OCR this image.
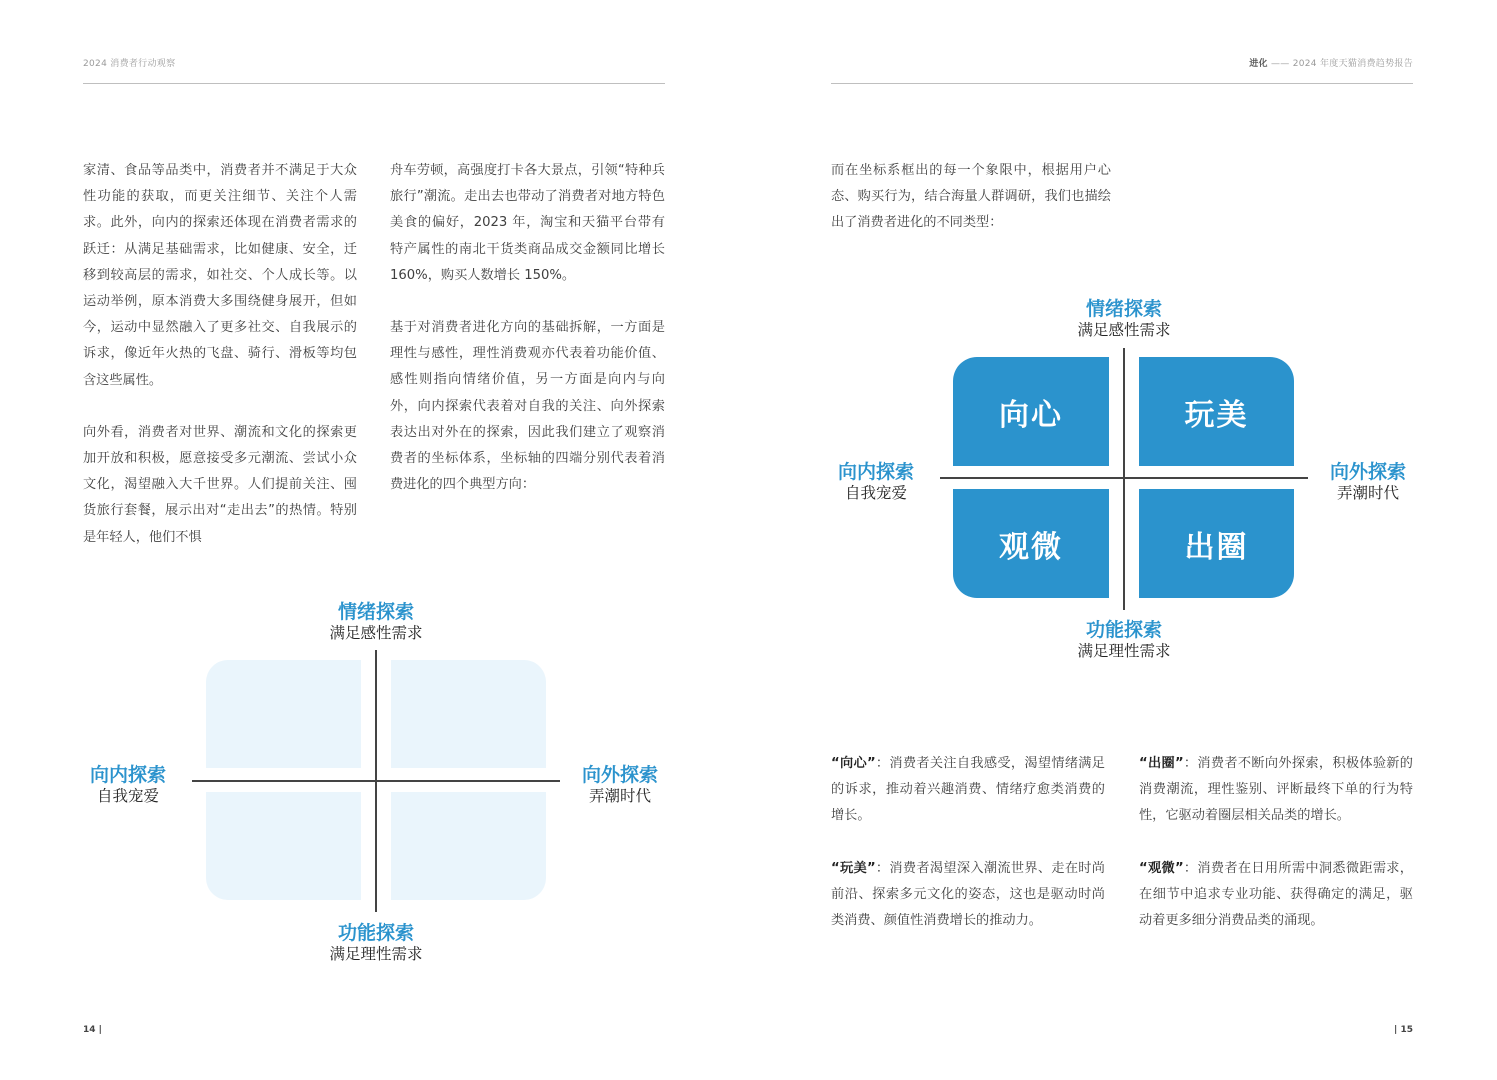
2024 消费者行动观察

家清、食品等品类中，消费者并不满足于大众性功能的获取，而更关注细节、关注个人需求。此外，向内的探索还体现在消费者需求的跃迁：从满足基础需求，比如健康、安全，迁移到较高层的需求，如社交、个人成长等。以运动举例，原本消费大多围绕健身展开，但如今，运动中显然融入了更多社交、自我展示的诉求，像近年火热的飞盘、骑行、滑板等均包含这些属性。

向外看，消费者对世界、潮流和文化的探索更加开放和积极，愿意接受多元潮流、尝试小众文化，渴望融入大千世界。人们提前关注、囤货旅行套餐，展示出对“走出去”的热情。特别是年轻人，他们不惧

舟车劳顿，高强度打卡各大景点，引领“特种兵旅行”潮流。走出去也带动了消费者对地方特色美食的偏好，2023 年，淘宝和天猫平台带有特产属性的南北干货类商品成交金额同比增长 160%，购买人数增长 150%。

基于对消费者进化方向的基础拆解，一方面是理性与感性，理性消费观亦代表着功能价值、感性则指向情绪价值，另一方面是向内与向外，向内探索代表着对自我的关注、向外探索表达出对外在的探索，因此我们建立了观察消费者的坐标体系，坐标轴的四端分别代表着消费进化的四个典型方向：

情绪探索
满足感性需求
功能探索
满足理性需求
向内探索
自我宠爱
向外探索
弄潮时代
14 |
进化 —— 2024 年度天猫消费趋势报告

而在坐标系框出的每一个象限中，根据用户心态、购买行为，结合海量人群调研，我们也描绘出了消费者进化的不同类型：

向心	玩美
观微	出圈
情绪探索
满足感性需求
功能探索
满足理性需求
向内探索
自我宠爱
向外探索
弄潮时代

“向心”：消费者关注自我感受，渴望情绪满足的诉求，推动着兴趣消费、情绪疗愈类消费的增长。

“玩美”：消费者渴望深入潮流世界、走在时尚前沿、探索多元文化的姿态，这也是驱动时尚类消费、颜值性消费增长的推动力。

“出圈”：消费者不断向外探索，积极体验新的消费潮流，理性鉴别、评断最终下单的行为特性，它驱动着圈层相关品类的增长。

“观微”：消费者在日用所需中洞悉微距需求，在细节中追求专业功能、获得确定的满足，驱动着更多细分消费品类的涌现。

| 15
